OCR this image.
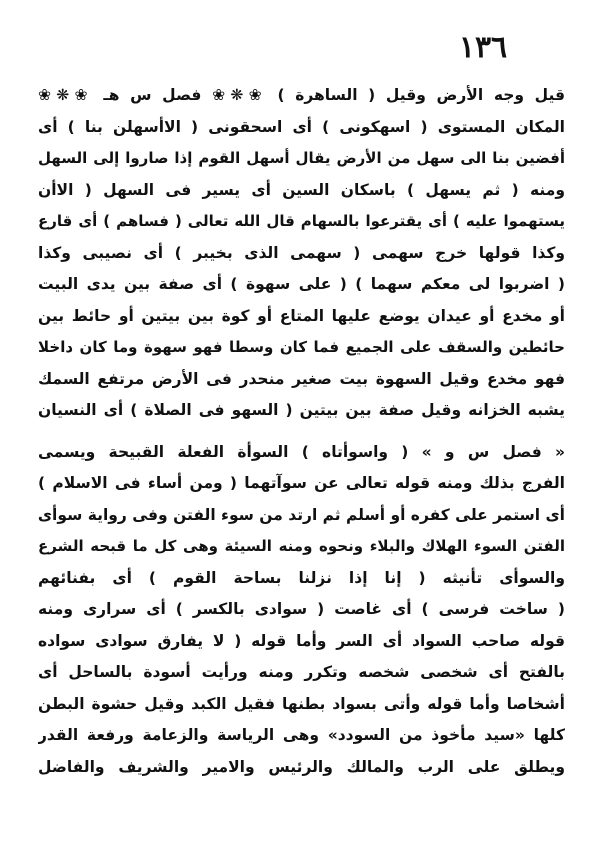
١٣٦
قيل وجه الأرض وقيل ( الساهرة ) ❀❋❀ فصل س هـ ❀❋❀
المكان المستوى ( اسهكونى ) أى اسحقونى ( الاأسهلن بنا ) أى
أفضين بنا الى سهل من الأرض يقال أسهل القوم إذا صاروا إلى السهل
ومنه ( ثم يسهل ) باسكان السين أى يسير فى السهل ( الاأن
يستهموا عليه ) أى يقترعوا بالسهام قال الله تعالى ( فساهم ) أى قارع
وكذا قولها خرج سهمى ( سهمى الذى بخيبر ) أى نصيبى وكذا
( اضربوا لى معكم سهما ) ( على سهوة ) أى صفة بين يدى البيت
أو مخدع أو عيدان يوضع عليها المتاع أو كوة بين بيتين أو حائط بين
حائطين والسقف على الجميع فما كان وسطا فهو سهوة وما كان داخلا
فهو مخدع وقيل السهوة بيت صغير منحدر فى الأرض مرتفع السمك
يشبه الخزانه وقيل صفة بين بيتين ( السهو فى الصلاة ) أى النسيان
« فصل س و » ( واسوأتاه ) السوأة الفعلة القبيحة ويسمى
الفرج بذلك ومنه قوله تعالى عن سوآتهما ( ومن أساء فى الاسلام )
أى استمر على كفره أو أسلم ثم ارتد من سوء الفتن وفى رواية سوأى
الفتن السوء الهلاك والبلاء ونحوه ومنه السيئة وهى كل ما قبحه الشرع
والسوأى تأنيثه ( إنا إذا نزلنا بساحة القوم ) أى بفنائهم
( ساخت فرسى ) أى غاصت ( سوادى بالكسر ) أى سرارى ومنه
قوله صاحب السواد أى السر وأما قوله ( لا يفارق سوادى سواده
بالفتح أى شخصى شخصه وتكرر ومنه ورأيت أسودة بالساحل أى
أشخاصا وأما قوله وأتى بسواد بطنها فقيل الكبد وقيل حشوة البطن
كلها «سيد مأخوذ من السودد» وهى الرياسة والزعامة ورفعة القدر
ويطلق على الرب والمالك والرئيس والامير والشريف والفاضل
